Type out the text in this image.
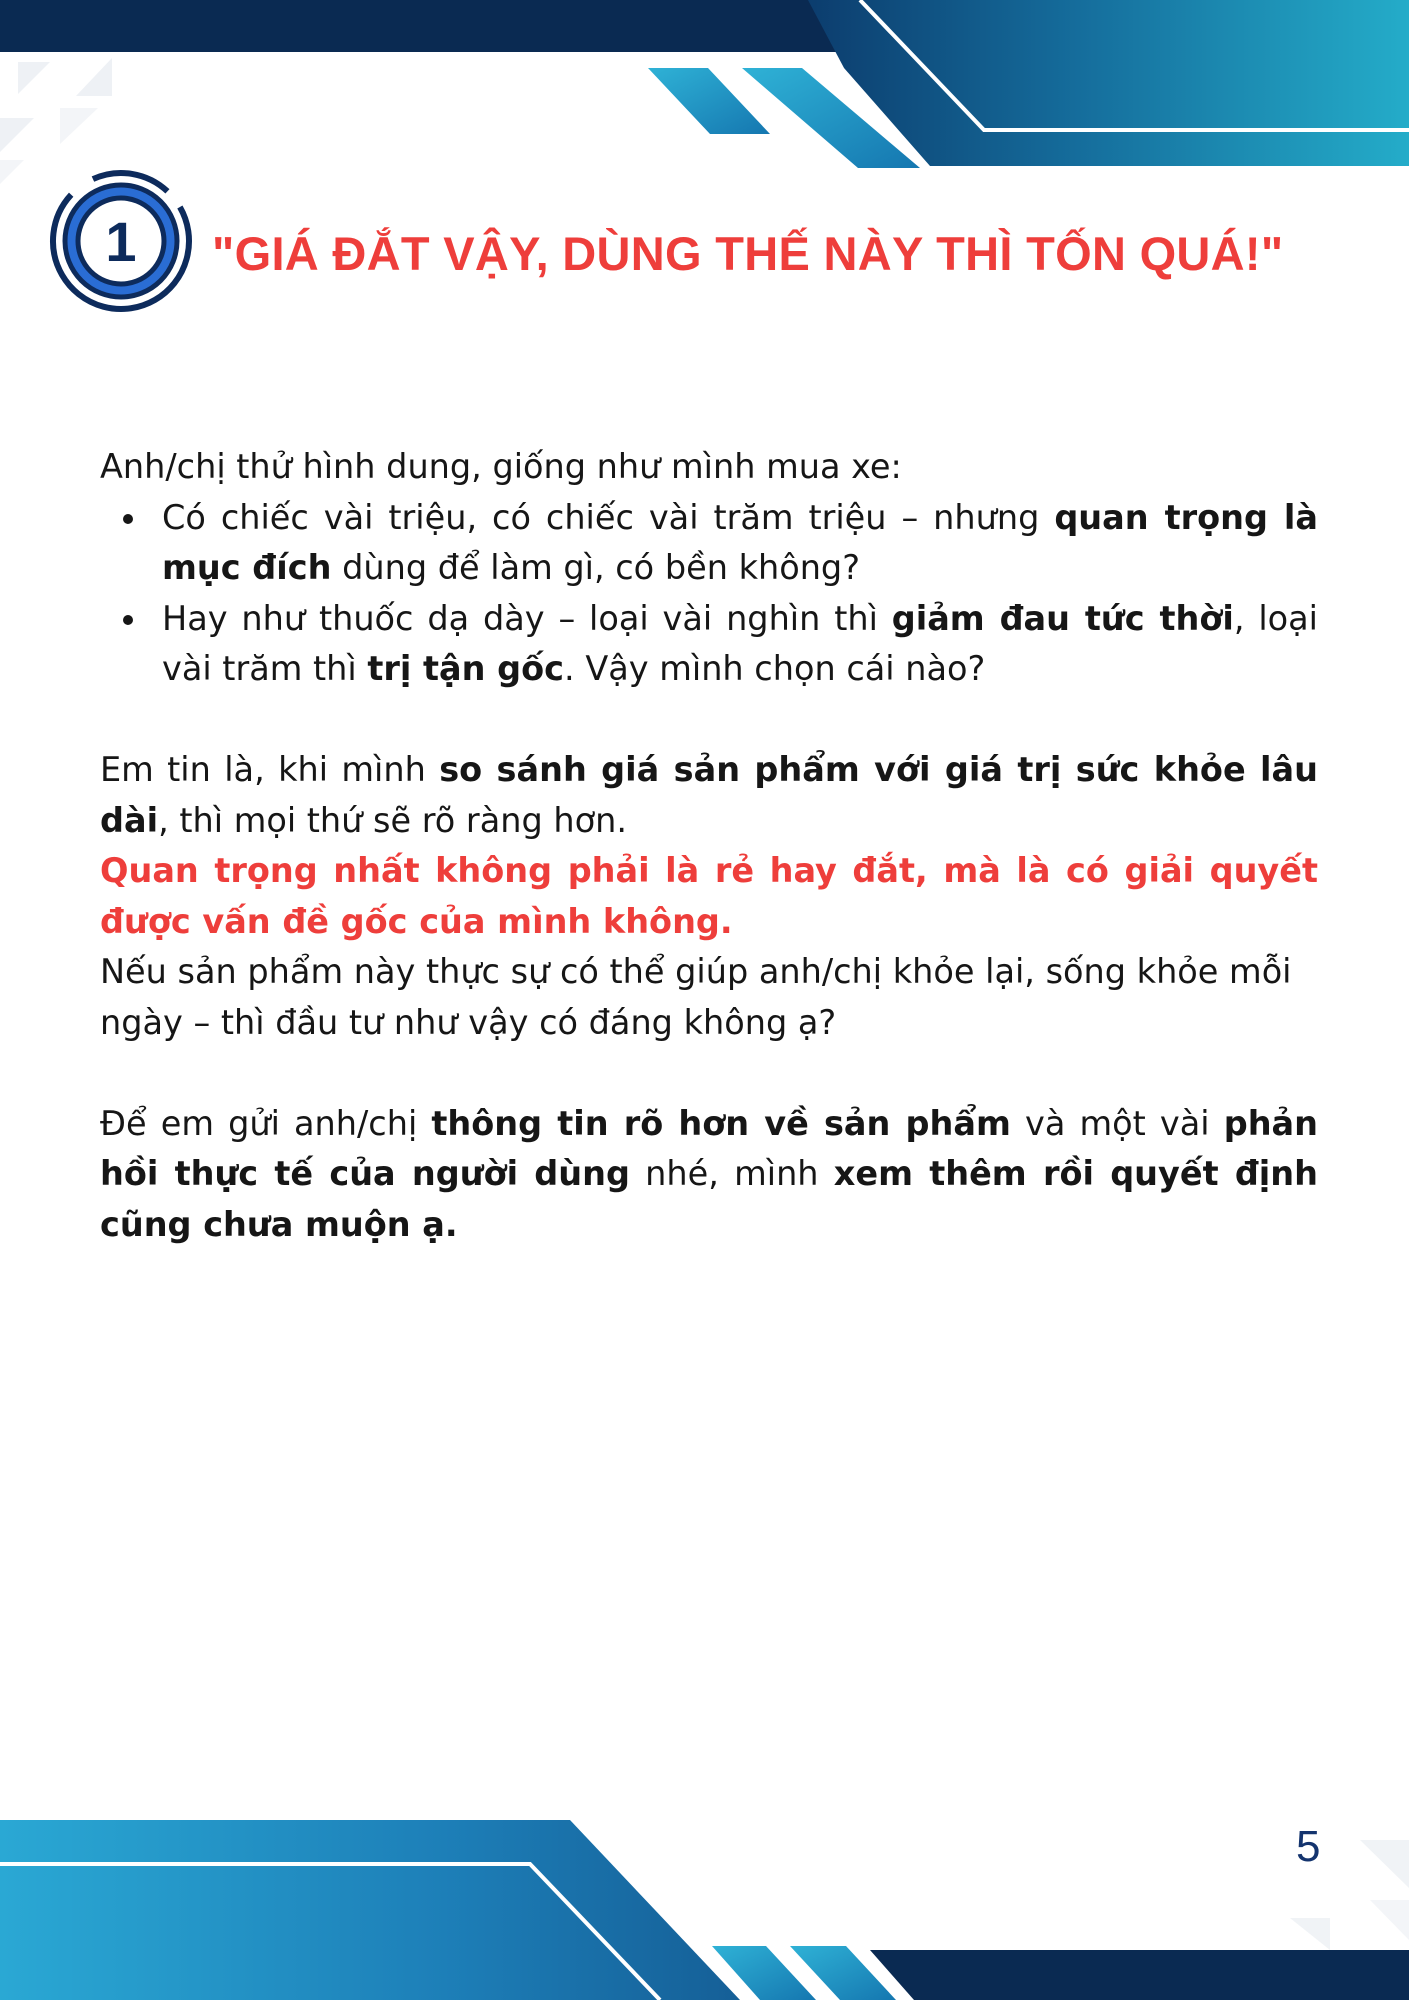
1 "GIÁ ĐẮT VẬY, DÙNG THẾ NÀY THÌ TỐN QUÁ!"

Anh/chị thử hình dung, giống như mình mua xe:

Có chiếc vài triệu, có chiếc vài trăm triệu – nhưng quan trọng là mục đích dùng để làm gì, có bền không?
Hay như thuốc dạ dày – loại vài nghìn thì giảm đau tức thời, loại vài trăm thì trị tận gốc. Vậy mình chọn cái nào?

Em tin là, khi mình so sánh giá sản phẩm với giá trị sức khỏe lâu dài, thì mọi thứ sẽ rõ ràng hơn.

Quan trọng nhất không phải là rẻ hay đắt, mà là có giải quyết được vấn đề gốc của mình không.

Nếu sản phẩm này thực sự có thể giúp anh/chị khỏe lại, sống khỏe mỗi ngày – thì đầu tư như vậy có đáng không ạ?

Để em gửi anh/chị thông tin rõ hơn về sản phẩm và một vài phản hồi thực tế của người dùng nhé, mình xem thêm rồi quyết định cũng chưa muộn ạ.

5
